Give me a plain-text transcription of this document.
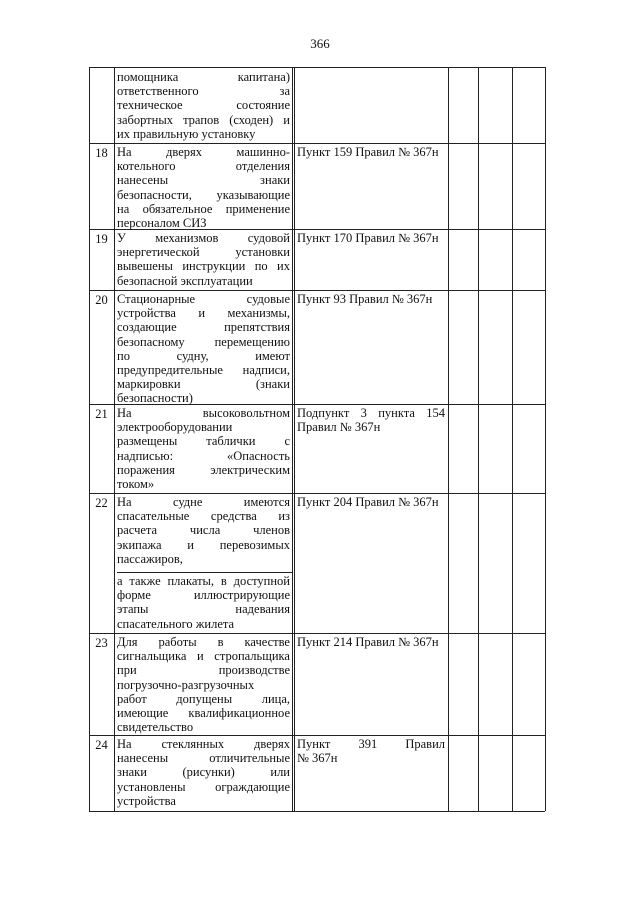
366
помощника капитана)
ответственного за
техническое состояние
забортных трапов (сходен) и
их правильную установку
18 На дверях машинно-
котельного отделения
нанесены знаки
безопасности, указывающие
на обязательное применение
персоналом СИЗ
Пункт 159 Правил № 367н
19 У механизмов судовой
энергетической установки
вывешены инструкции по их
безопасной эксплуатации
Пункт 170 Правил № 367н
20 Стационарные судовые
устройства и механизмы,
создающие препятствия
безопасному перемещению
по судну, имеют
предупредительные надписи,
маркировки (знаки
безопасности)
Пункт 93 Правил № 367н
21 На высоковольтном
электрооборудовании
размещены таблички с
надписью: «Опасность
поражения электрическим
током»
Подпункт 3 пункта 154
Правил № 367н
22 На судне имеются
спасательные средства из
расчета числа членов
экипажа и перевозимых
пассажиров,
а также плакаты, в доступной
форме иллюстрирующие
этапы надевания
спасательного жилета
Пункт 204 Правил № 367н
23 Для работы в качестве
сигнальщика и стропальщика
при производстве
погрузочно-разгрузочных
работ допущены лица,
имеющие квалификационное
свидетельство
Пункт 214 Правил № 367н
24 На стеклянных дверях
нанесены отличительные
знаки (рисунки) или
установлены ограждающие
устройства
Пункт 391 Правил
№ 367н
